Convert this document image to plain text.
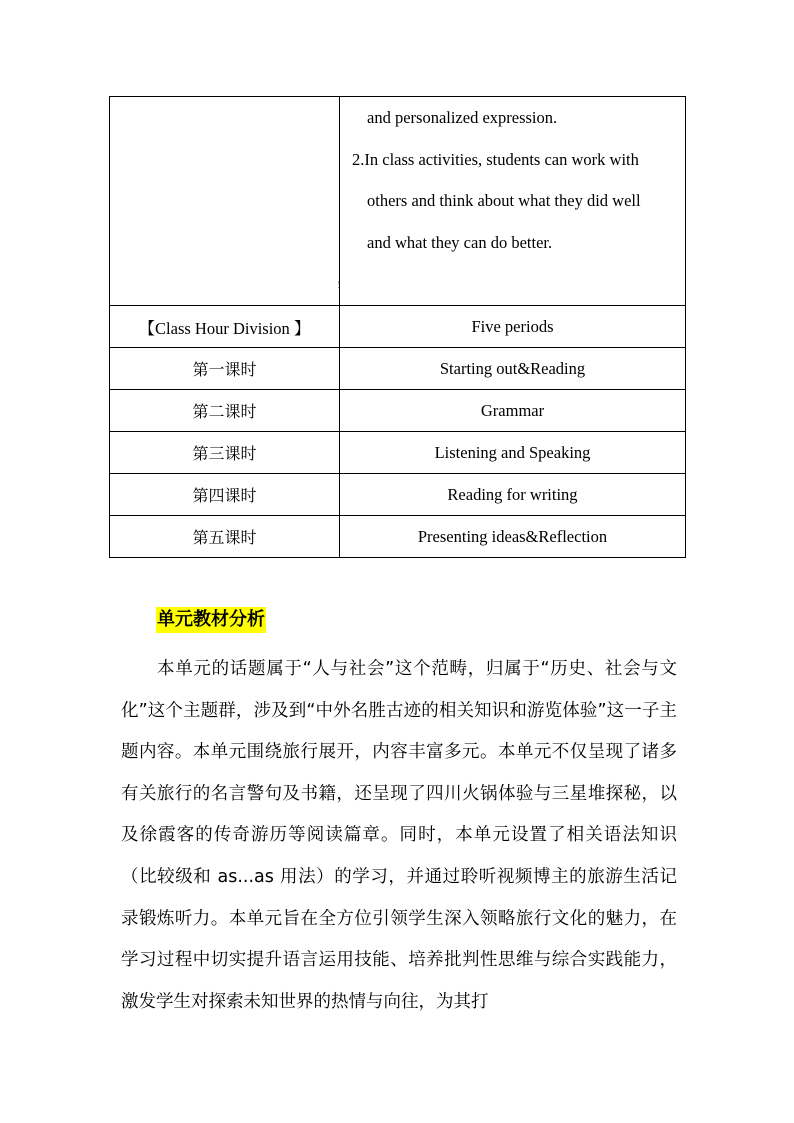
!	and personalized expression.
2.In class activities, students can work with
others and think about what they did well
and what they can do better.

【Class Hour Division 】	Five periods
第一课时	Starting out&Reading
第二课时	Grammar
第三课时	Listening and Speaking
第四课时	Reading for writing
第五课时	Presenting ideas&Reflection
单元教材分析

本单元的话题属于“人与社会”这个范畴，归属于“历史、社会与文化”这个主题群，涉及到“中外名胜古迹的相关知识和游览体验”这一子主题内容。本单元围绕旅行展开，内容丰富多元。本单元不仅呈现了诸多有关旅行的名言警句及书籍，还呈现了四川火锅体验与三星堆探秘，以及徐霞客的传奇游历等阅读篇章。同时，本单元设置了相关语法知识（比较级和 as...as 用法）的学习，并通过聆听视频博主的旅游生活记录锻炼听力。本单元旨在全方位引领学生深入领略旅行文化的魅力，在学习过程中切实提升语言运用技能、培养批判性思维与综合实践能力，激发学生对探索未知世界的热情与向往，为其打
